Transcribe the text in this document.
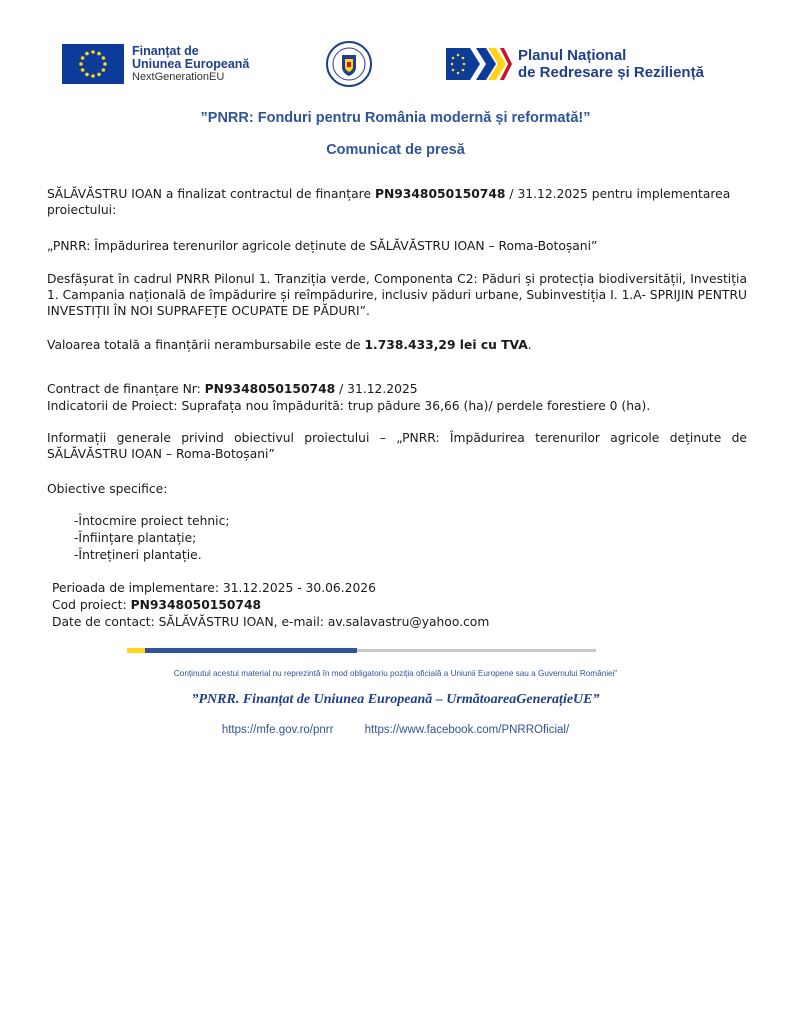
Finanțat de
Uniunea Europeană
NextGenerationEU
Planul Național
de Redresare și Reziliență
”PNRR: Fonduri pentru România modernă și reformată!”
Comunicat de presă
SĂLĂVĂSTRU IOAN a finalizat contractul de finanțare PN9348050150748 / 31.12.2025 pentru implementarea proiectului:
„PNRR: Împădurirea terenurilor agricole deținute de SĂLĂVĂSTRU IOAN – Roma-Botoșani”
Desfășurat în cadrul PNRR Pilonul 1. Tranziția verde, Componenta C2: Păduri și protecția biodiversității, Investiția 1. Campania națională de împădurire și reîmpădurire, inclusiv păduri urbane, Subinvestiția I. 1.A- SPRIJIN PENTRU INVESTIȚII ÎN NOI SUPRAFEȚE OCUPATE DE PĂDURI”.
Valoarea totală a finanțării nerambursabile este de 1.738.433,29 lei cu TVA.
Contract de finanțare Nr: PN9348050150748 / 31.12.2025
Indicatorii de Proiect: Suprafața nou împădurită: trup pădure 36,66 (ha)/ perdele forestiere 0 (ha).
Informații generale privind obiectivul proiectului – „PNRR: Împădurirea terenurilor agricole deținute de SĂLĂVĂSTRU IOAN – Roma-Botoșani”
Obiective specifice:
-Întocmire proiect tehnic;
-Înființare plantație;
-Întrețineri plantație.
Perioada de implementare: 31.12.2025 - 30.06.2026
Cod proiect: PN9348050150748
Date de contact: SĂLĂVĂSTRU IOAN, e-mail: av.salavastru@yahoo.com
Conținutul acestui material nu reprezintă în mod obligatoriu poziția oficială a Uniunii Europene sau a Guvernului României”
”PNRR. Finanțat de Uniunea Europeană – UrmătoareaGenerațieUE”
https://mfe.gov.ro/pnrr	https://www.facebook.com/PNRROficial/
